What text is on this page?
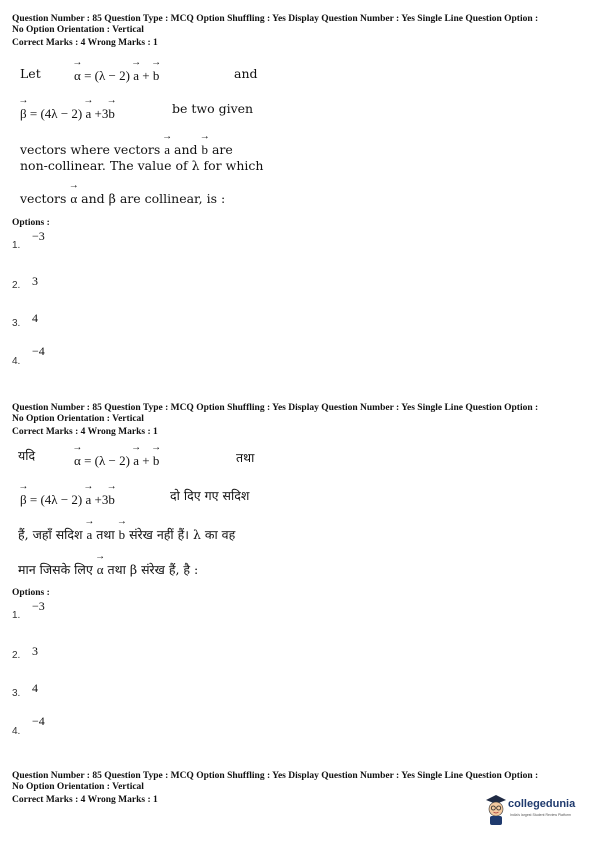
Question Number : 85 Question Type : MCQ Option Shuffling : Yes Display Question Number : Yes Single Line Question Option :
No Option Orientation : Vertical
Correct Marks : 4 Wrong Marks : 1
Let	→ α = (λ − 2) → a + → b	and
→ β = (4λ − 2) → a +3→ b	be two given
vectors where vectors → a and → b are
non-collinear. The value of λ for which
vectors → α and β are collinear, is :
Options :
1.
−3
2. 3
3. 4
4.
−4
Question Number : 85 Question Type : MCQ Option Shuffling : Yes Display Question Number : Yes Single Line Question Option :
No Option Orientation : Vertical
Correct Marks : 4 Wrong Marks : 1
यदि	→ α = (λ − 2) → a + → b	तथा
→ β = (4λ − 2) → a +3→ b	दो दिए गए सदिश
हैं, जहाँ सदिश → a तथा → b संरेख नहीं हैं। λ का वह
मान जिसके लिए → α तथा β संरेख हैं, है :
Options :
1.
−3
2. 3
3. 4
4.
−4
Question Number : 85 Question Type : MCQ Option Shuffling : Yes Display Question Number : Yes Single Line Question Option :
No Option Orientation : Vertical
Correct Marks : 4 Wrong Marks : 1	collegedunia
India's largest Student Review Platform
